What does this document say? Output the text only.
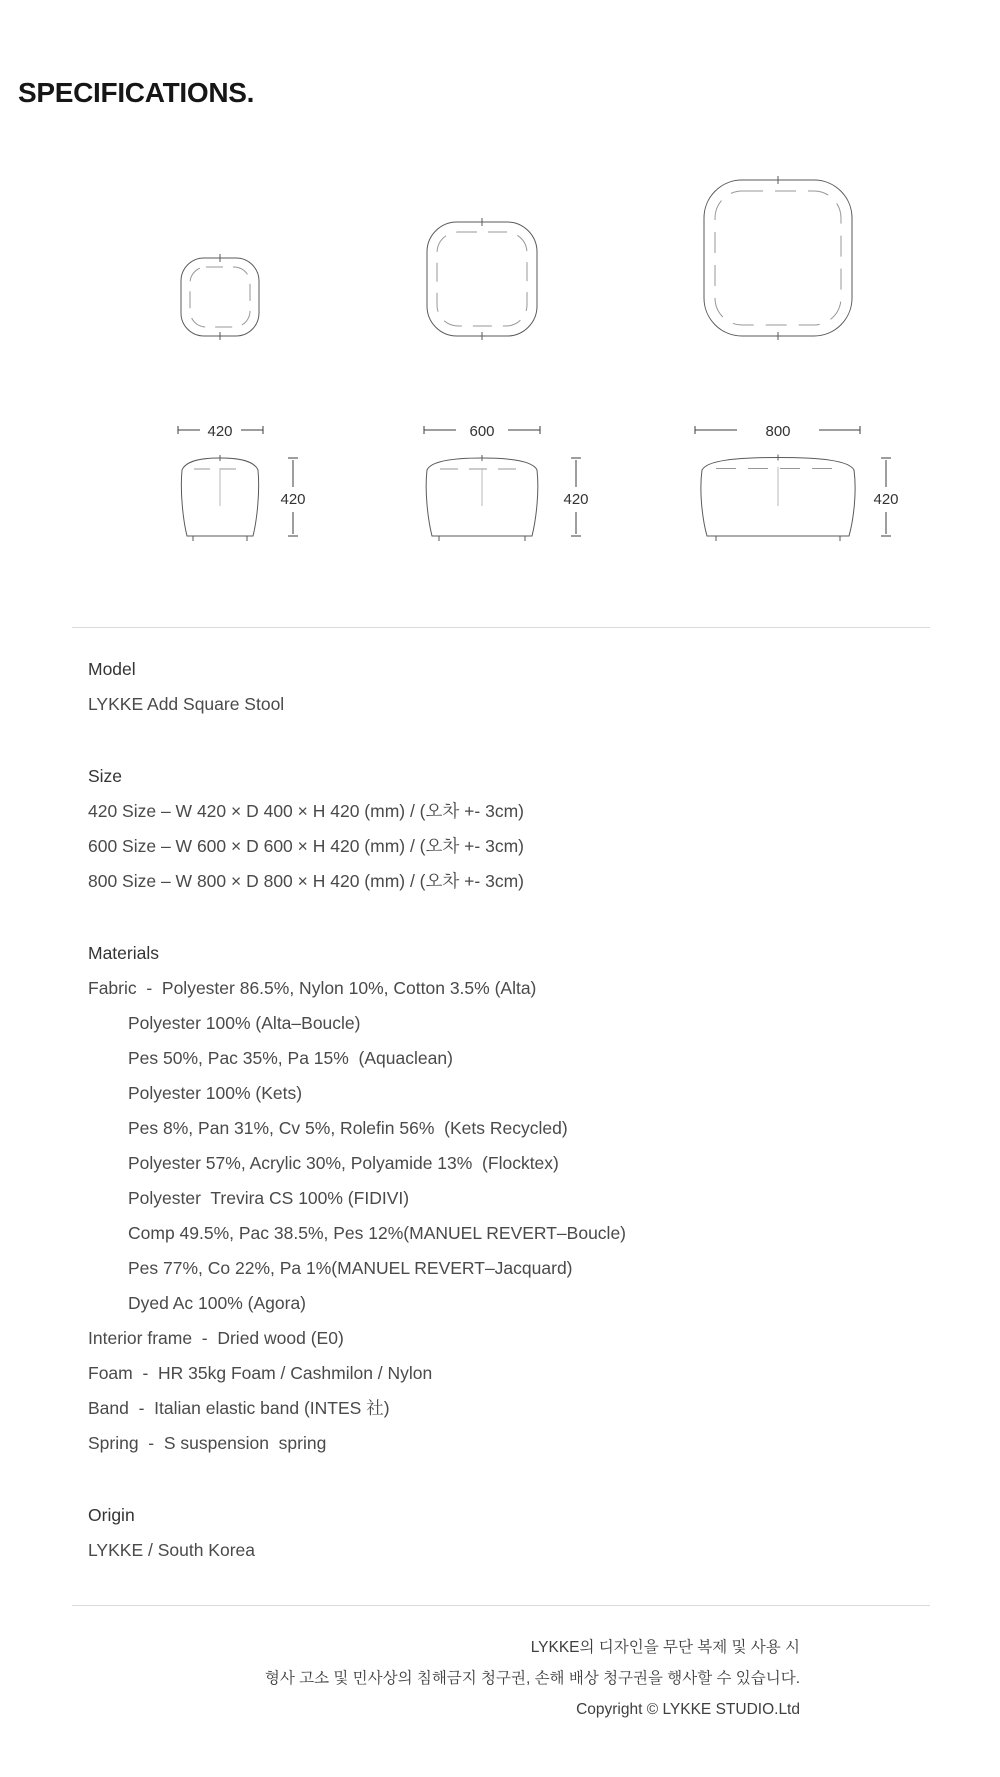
SPECIFICATIONS.
420	600	800
420	420	420
Model
LYKKE Add Square Stool
Size
420 Size – W 420 × D 400 × H 420 (mm) / (오차 +- 3cm)
600 Size – W 600 × D 600 × H 420 (mm) / (오차 +- 3cm)
800 Size – W 800 × D 800 × H 420 (mm) / (오차 +- 3cm)
Materials
Fabric  -  Polyester 86.5%, Nylon 10%, Cotton 3.5% (Alta)
Polyester 100% (Alta–Boucle)
Pes 50%, Pac 35%, Pa 15%  (Aquaclean)
Polyester 100% (Kets)
Pes 8%, Pan 31%, Cv 5%, Rolefin 56%  (Kets Recycled)
Polyester 57%, Acrylic 30%, Polyamide 13%  (Flocktex)
Polyester  Trevira CS 100% (FIDIVI)
Comp 49.5%, Pac 38.5%, Pes 12%(MANUEL REVERT–Boucle)
Pes 77%, Co 22%, Pa 1%(MANUEL REVERT–Jacquard)
Dyed Ac 100% (Agora)
Interior frame  -  Dried wood (E0)
Foam  -  HR 35kg Foam / Cashmilon / Nylon
Band  -  Italian elastic band (INTES 社)
Spring  -  S suspension  spring
Origin
LYKKE / South Korea
LYKKE의 디자인을 무단 복제 및 사용 시
형사 고소 및 민사상의 침해금지 청구권, 손해 배상 청구권을 행사할 수 있습니다.
Copyright © LYKKE STUDIO.Ltd
